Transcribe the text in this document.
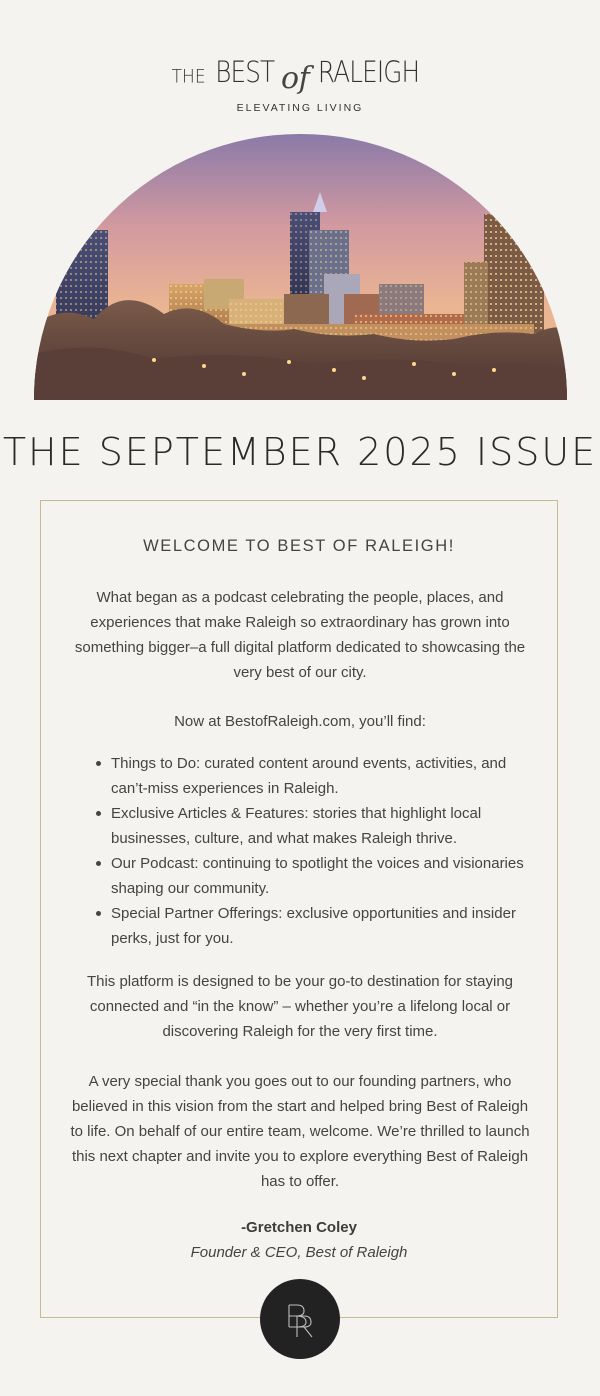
THE BEST of RALEIGH
ELEVATING LIVING
THE SEPTEMBER 2025 ISSUE
WELCOME TO BEST OF RALEIGH!
What began as a podcast celebrating the people, places, and experiences that make Raleigh so extraordinary has grown into something bigger–a full digital platform dedicated to showcasing the very best of our city.
Now at BestofRaleigh.com, you’ll find:
Things to Do: curated content around events, activities, and can’t-miss experiences in Raleigh.
Exclusive Articles & Features: stories that highlight local businesses, culture, and what makes Raleigh thrive.
Our Podcast: continuing to spotlight the voices and visionaries shaping our community.
Special Partner Offerings: exclusive opportunities and insider perks, just for you.
This platform is designed to be your go-to destination for staying connected and “in the know” – whether you’re a lifelong local or discovering Raleigh for the very first time.
A very special thank you goes out to our founding partners, who believed in this vision from the start and helped bring Best of Raleigh to life. On behalf of our entire team, welcome. We’re thrilled to launch this next chapter and invite you to explore everything Best of Raleigh has to offer.
-Gretchen Coley
Founder & CEO, Best of Raleigh
